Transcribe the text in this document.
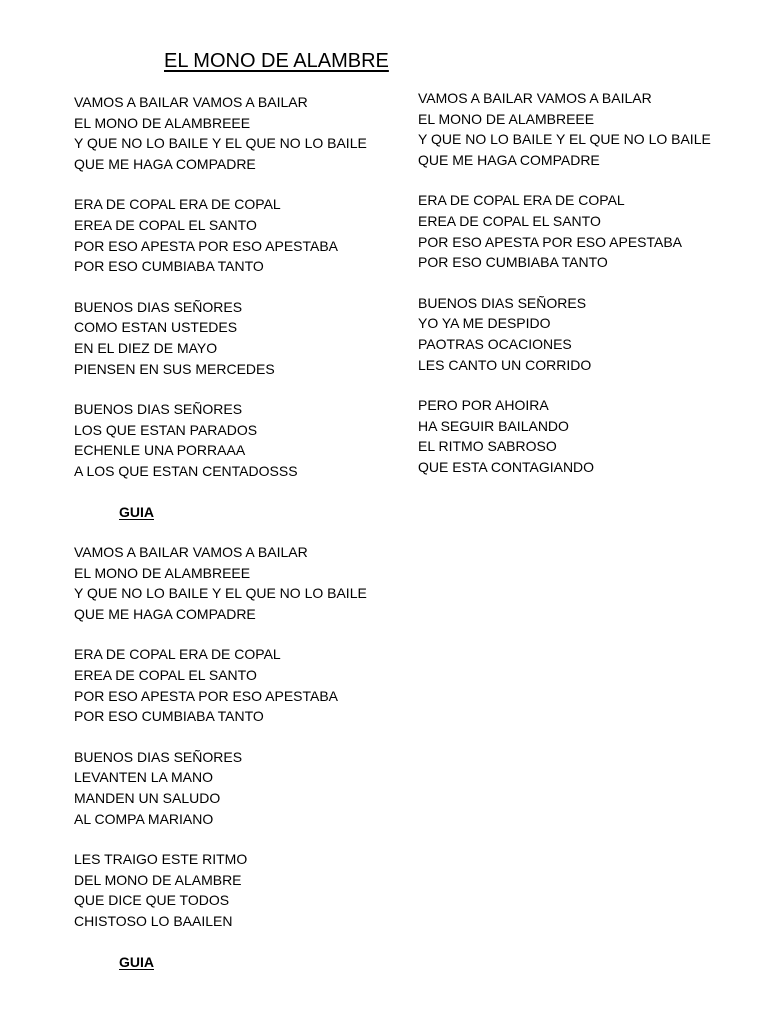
EL MONO DE ALAMBRE
VAMOS A BAILAR VAMOS A BAILAR
EL MONO DE ALAMBREEE
Y QUE NO LO BAILE Y EL QUE NO LO BAILE
QUE ME HAGA COMPADRE
ERA DE COPAL ERA DE COPAL
EREA DE COPAL EL SANTO
POR ESO APESTA POR ESO APESTABA
POR ESO CUMBIABA TANTO
BUENOS DIAS SEÑORES
COMO ESTAN USTEDES
EN EL DIEZ DE MAYO
PIENSEN EN SUS MERCEDES
BUENOS DIAS SEÑORES
LOS QUE ESTAN PARADOS
ECHENLE UNA PORRAAA
A LOS QUE ESTAN CENTADOSSS
GUIA
VAMOS A BAILAR VAMOS A BAILAR
EL MONO DE ALAMBREEE
Y QUE NO LO BAILE Y EL QUE NO LO BAILE
QUE ME HAGA COMPADRE
ERA DE COPAL ERA DE COPAL
EREA DE COPAL EL SANTO
POR ESO APESTA POR ESO APESTABA
POR ESO CUMBIABA TANTO
BUENOS DIAS SEÑORES
LEVANTEN LA MANO
MANDEN UN SALUDO
AL COMPA MARIANO
LES TRAIGO ESTE RITMO
DEL MONO DE ALAMBRE
QUE DICE QUE TODOS
CHISTOSO LO BAAILEN
GUIA
VAMOS A BAILAR VAMOS A BAILAR
EL MONO DE ALAMBREEE
Y QUE NO LO BAILE Y EL QUE NO LO BAILE
QUE ME HAGA COMPADRE
ERA DE COPAL ERA DE COPAL
EREA DE COPAL EL SANTO
POR ESO APESTA POR ESO APESTABA
POR ESO CUMBIABA TANTO
BUENOS DIAS SEÑORES
YO YA ME DESPIDO
PAOTRAS OCACIONES
LES CANTO UN CORRIDO
PERO POR AHOIRA
HA SEGUIR BAILANDO
EL RITMO SABROSO
QUE ESTA CONTAGIANDO
